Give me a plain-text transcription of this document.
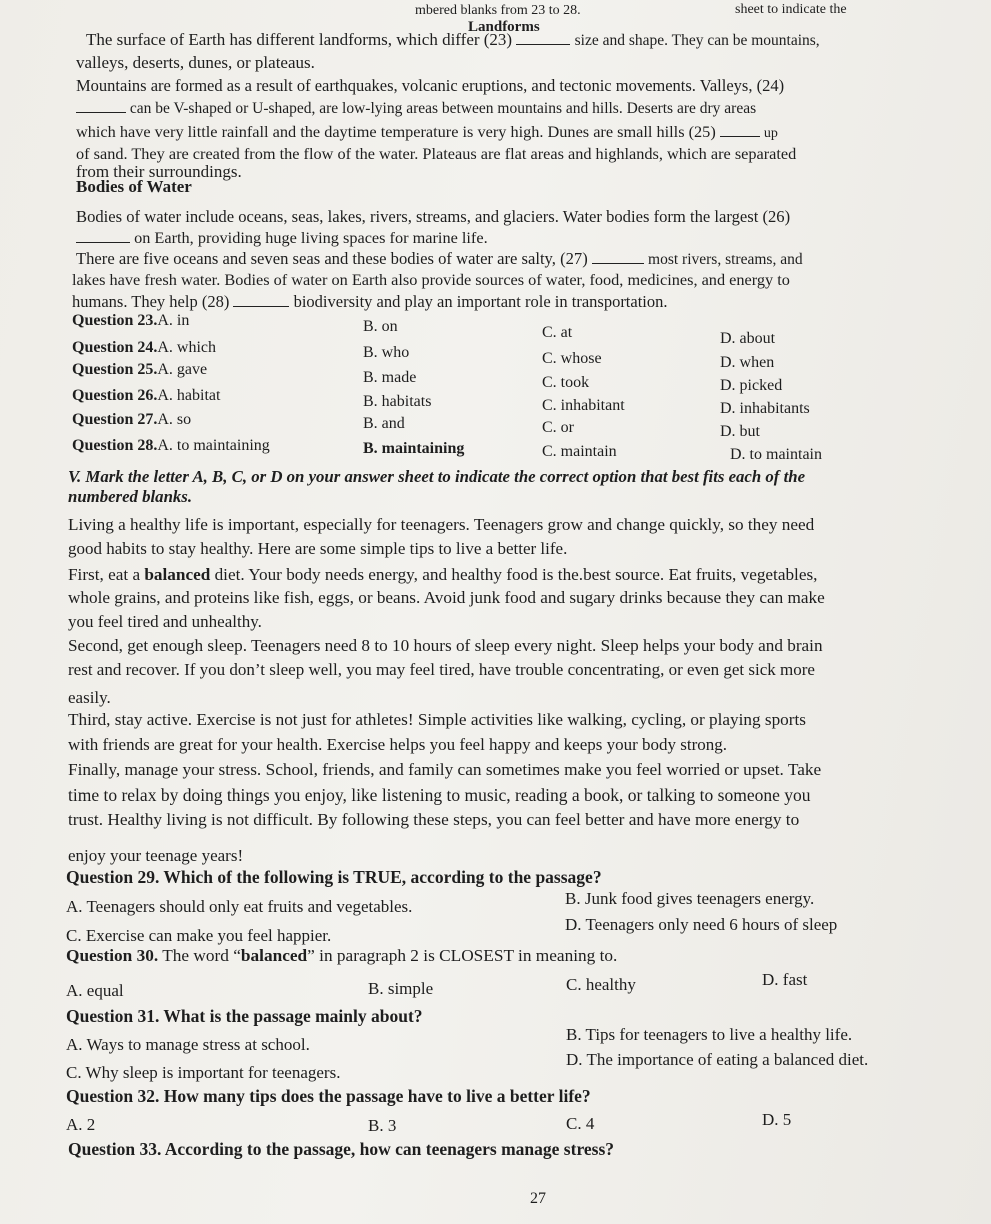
mbered blanks from 23 to 28.	sheet to indicate the
Landforms
The surface of Earth has different landforms, which differ (23)	size and shape. They can be mountains,
valleys, deserts, dunes, or plateaus.
Mountains are formed as a result of earthquakes, volcanic eruptions, and tectonic movements. Valleys, (24)
can be V-shaped or U-shaped, are low-lying areas between mountains and hills. Deserts are dry areas
which have very little rainfall and the daytime temperature is very high. Dunes are small hills (25)	up
of sand. They are created from the flow of the water. Plateaus are flat areas and highlands, which are separated
from their surroundings.
Bodies of Water
Bodies of water include oceans, seas, lakes, rivers, streams, and glaciers. Water bodies form the largest (26)
on Earth, providing huge living spaces for marine life.
There are five oceans and seven seas and these bodies of water are salty, (27)	most rivers, streams, and
lakes have fresh water. Bodies of water on Earth also provide sources of water, food, medicines, and energy to
humans. They help (28)	biodiversity and play an important role in transportation.
Question 23.A. in	B. on	C. at	D. about
Question 24.A. which	B. who	C. whose	D. when
Question 25.A. gave	B. made	C. took	D. picked
Question 26.A. habitat	B. habitats	C. inhabitant	D. inhabitants
Question 27.A. so	B. and	C. or	D. but
Question 28.A. to maintaining	B. maintaining	C. maintain	D. to maintain
V. Mark the letter A, B, C, or D on your answer sheet to indicate the correct option that best fits each of the
numbered blanks.
Living a healthy life is important, especially for teenagers. Teenagers grow and change quickly, so they need
good habits to stay healthy. Here are some simple tips to live a better life.
First, eat a balanced diet. Your body needs energy, and healthy food is the.best source. Eat fruits, vegetables,
whole grains, and proteins like fish, eggs, or beans. Avoid junk food and sugary drinks because they can make
you feel tired and unhealthy.
Second, get enough sleep. Teenagers need 8 to 10 hours of sleep every night. Sleep helps your body and brain
rest and recover. If you don’t sleep well, you may feel tired, have trouble concentrating, or even get sick more
easily.
Third, stay active. Exercise is not just for athletes! Simple activities like walking, cycling, or playing sports
with friends are great for your health. Exercise helps you feel happy and keeps your body strong.
Finally, manage your stress. School, friends, and family can sometimes make you feel worried or upset. Take
time to relax by doing things you enjoy, like listening to music, reading a book, or talking to someone you
trust. Healthy living is not difficult. By following these steps, you can feel better and have more energy to
enjoy your teenage years!
Question 29. Which of the following is TRUE, according to the passage?
A. Teenagers should only eat fruits and vegetables.	B. Junk food gives teenagers energy.
C. Exercise can make you feel happier.
D. Teenagers only need 6 hours of sleep
Question 30. The word “balanced” in paragraph 2 is CLOSEST in meaning to.
A. equal	B. simple	C. healthy	D. fast
Question 31. What is the passage mainly about?
A. Ways to manage stress at school.
B. Tips for teenagers to live a healthy life.
C. Why sleep is important for teenagers.
D. The importance of eating a balanced diet.
Question 32. How many tips does the passage have to live a better life?
A. 2	B. 3	C. 4	D. 5
Question 33. According to the passage, how can teenagers manage stress?
27
